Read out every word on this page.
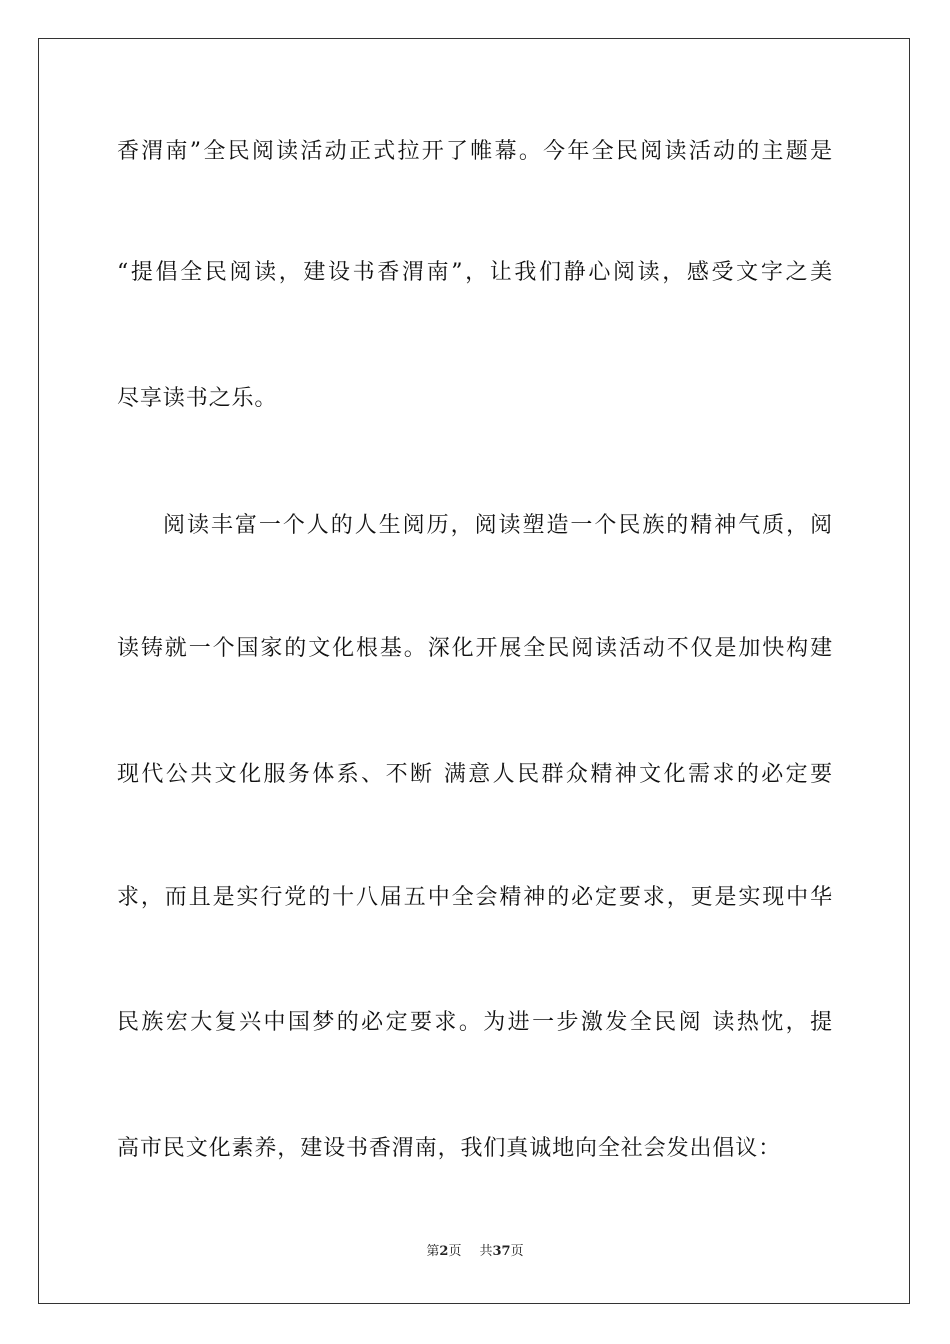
香渭南”全民阅读活动正式拉开了帷幕。今年全民阅读活动的主题是
“提倡全民阅读，建设书香渭南”，让我们静心阅读，感受文字之美
尽享读书之乐。
阅读丰富一个人的人生阅历，阅读塑造一个民族的精神气质，阅
读铸就一个国家的文化根基。深化开展全民阅读活动不仅是加快构建
现代公共文化服务体系、不断 满意人民群众精神文化需求的必定要
求，而且是实行党的十八届五中全会精神的必定要求，更是实现中华
民族宏大复兴中国梦的必定要求。为进一步激发全民阅 读热忱，提
高市民文化素养，建设书香渭南，我们真诚地向全社会发出倡议：
第2页 共37页
